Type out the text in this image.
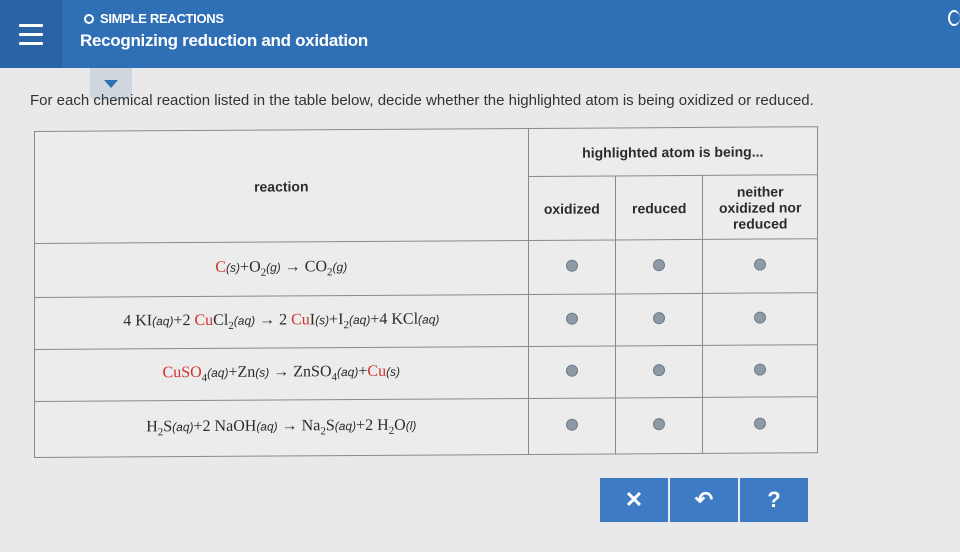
SIMPLE REACTIONS
Recognizing reduction and oxidation
For each chemical reaction listed in the table below, decide whether the highlighted atom is being oxidized or reduced.
reaction	highlighted atom is being...		
	oxidized	reduced	neither oxidized nor reduced
$C(s)+O_2(g) \to CO_2(g)$			
4 KI(aq)+2 CuCl$_2$(aq) → 2 $CuI(s)+I_2(aq)+4$ KCl(aq)			
CuSO$_4$(aq)+Zn(s) → ZnSO$_4$(aq)+Cu(s)			
$H_2S(aq)+2$ NaOH(aq) → $Na_2S(aq)+2$ $H_2O(l)$			
✕ ↶ ?
